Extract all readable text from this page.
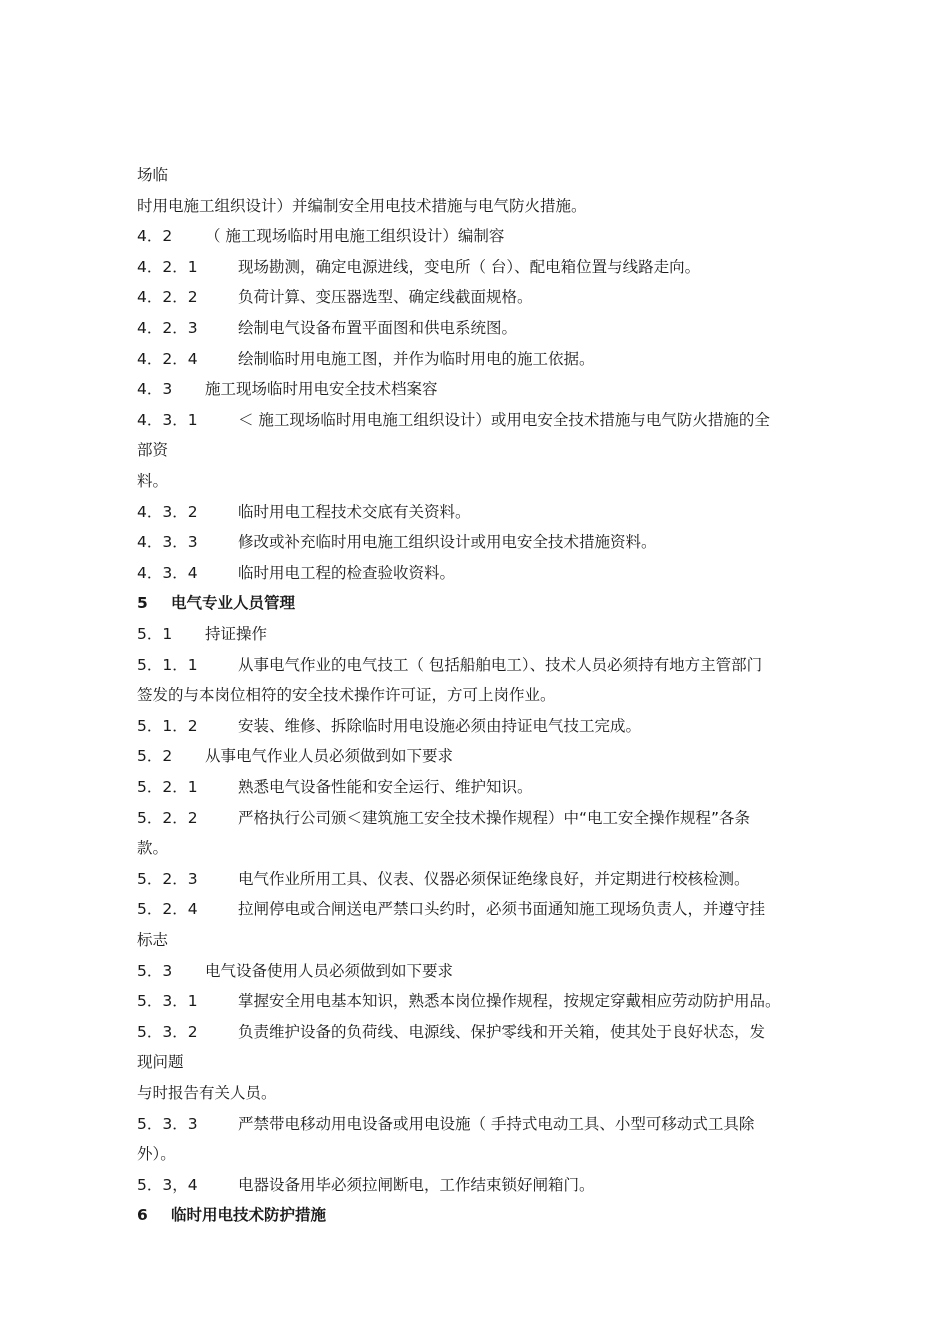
场临
时用电施工组织设计）并编制安全用电技术措施与电气防火措施。
4．2 （ 施工现场临时用电施工组织设计）编制容
4．2．1	现场勘测，确定电源进线，变电所（ 台）、配电箱位置与线路走向。
4．2．2	负荷计算、变压器选型、确定线截面规格。
4．2．3	绘制电气设备布置平面图和供电系统图。
4．2．4	绘制临时用电施工图，并作为临时用电的施工依据。
4．3 施工现场临时用电安全技术档案容
4．3．1	＜ 施工现场临时用电施工组织设计）或用电安全技术措施与电气防火措施的全
部资
料。
4．3．2	临时用电工程技术交底有关资料。
4．3．3	修改或补充临时用电施工组织设计或用电安全技术措施资料。
4．3．4	临时用电工程的检查验收资料。
5 电气专业人员管理
5．1 持证操作
5．1．1	从事电气作业的电气技工（ 包括船舶电工）、技术人员必须持有地方主管部门
签发的与本岗位相符的安全技术操作许可证，方可上岗作业。
5．1．2	安装、维修、拆除临时用电设施必须由持证电气技工完成。
5．2 从事电气作业人员必须做到如下要求
5．2．1	熟悉电气设备性能和安全运行、维护知识。
5．2．2	严格执行公司颁＜建筑施工安全技术操作规程）中“电工安全操作规程”各条
款。
5．2．3	电气作业所用工具、仪表、仪器必须保证绝缘良好，并定期进行校核检测。
5．2．4	拉闸停电或合闸送电严禁口头约时，必须书面通知施工现场负责人，并遵守挂
标志
5．3 电气设备使用人员必须做到如下要求
5．3．1	掌握安全用电基本知识，熟悉本岗位操作规程，按规定穿戴相应劳动防护用品。
5．3．2	负责维护设备的负荷线、电源线、保护零线和开关箱，使其处于良好状态，发
现问题
与时报告有关人员。
5．3．3	严禁带电移动用电设备或用电设施（ 手持式电动工具、小型可移动式工具除
外）。
5．3，4	电器设备用毕必须拉闸断电，工作结束锁好闸箱门。
6 临时用电技术防护措施
